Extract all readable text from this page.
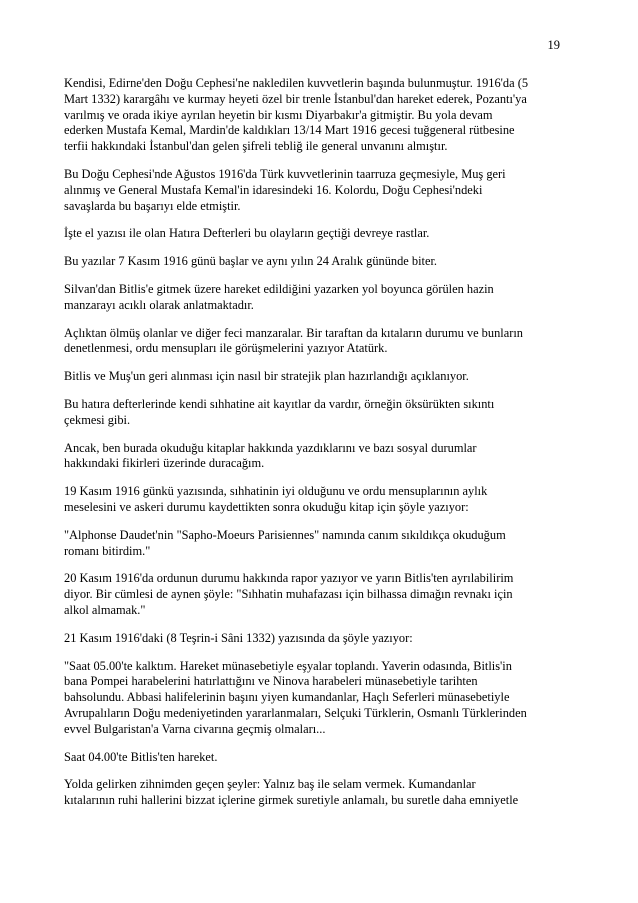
19

Kendisi, Edirne'den Doğu Cephesi'ne nakledilen kuvvetlerin başında bulunmuştur. 1916'da (5
Mart 1332) karargâhı ve kurmay heyeti özel bir trenle İstanbul'dan hareket ederek, Pozantı'ya
varılmış ve orada ikiye ayrılan heyetin bir kısmı Diyarbakır'a gitmiştir. Bu yola devam
ederken Mustafa Kemal, Mardin'de kaldıkları 13/14 Mart 1916 gecesi tuğgeneral rütbesine
terfii hakkındaki İstanbul'dan gelen şifreli tebliğ ile general unvanını almıştır.

Bu Doğu Cephesi'nde Ağustos 1916'da Türk kuvvetlerinin taarruza geçmesiyle, Muş geri
alınmış ve General Mustafa Kemal'in idaresindeki 16. Kolordu, Doğu Cephesi'ndeki
savaşlarda bu başarıyı elde etmiştir.

İşte el yazısı ile olan Hatıra Defterleri bu olayların geçtiği devreye rastlar.

Bu yazılar 7 Kasım 1916 günü başlar ve aynı yılın 24 Aralık gününde biter.

Silvan'dan Bitlis'e gitmek üzere hareket edildiğini yazarken yol boyunca görülen hazin
manzarayı acıklı olarak anlatmaktadır.

Açlıktan ölmüş olanlar ve diğer feci manzaralar. Bir taraftan da kıtaların durumu ve bunların
denetlenmesi, ordu mensupları ile görüşmelerini yazıyor Atatürk.

Bitlis ve Muş'un geri alınması için nasıl bir stratejik plan hazırlandığı açıklanıyor.

Bu hatıra defterlerinde kendi sıhhatine ait kayıtlar da vardır, örneğin öksürükten sıkıntı
çekmesi gibi.

Ancak, ben burada okuduğu kitaplar hakkında yazdıklarını ve bazı sosyal durumlar
hakkındaki fikirleri üzerinde duracağım.

19 Kasım 1916 günkü yazısında, sıhhatinin iyi olduğunu ve ordu mensuplarının aylık
meselesini ve askeri durumu kaydettikten sonra okuduğu kitap için şöyle yazıyor:

"Alphonse Daudet'nin "Sapho-Moeurs Parisiennes" namında canım sıkıldıkça okuduğum
romanı bitirdim."

20 Kasım 1916'da ordunun durumu hakkında rapor yazıyor ve yarın Bitlis'ten ayrılabilirim
diyor. Bir cümlesi de aynen şöyle: "Sıhhatin muhafazası için bilhassa dimağın revnakı için
alkol almamak."

21 Kasım 1916'daki (8 Teşrin-i Sâni 1332) yazısında da şöyle yazıyor:

"Saat 05.00'te kalktım. Hareket münasebetiyle eşyalar toplandı. Yaverin odasında, Bitlis'in
bana Pompei harabelerini hatırlattığını ve Ninova harabeleri münasebetiyle tarihten
bahsolundu. Abbasi halifelerinin başını yiyen kumandanlar, Haçlı Seferleri münasebetiyle
Avrupalıların Doğu medeniyetinden yararlanmaları, Selçuki Türklerin, Osmanlı Türklerinden
evvel Bulgaristan'a Varna civarına geçmiş olmaları...

Saat 04.00'te Bitlis'ten hareket.

Yolda gelirken zihnimden geçen şeyler: Yalnız baş ile selam vermek. Kumandanlar
kıtalarının ruhi hallerini bizzat içlerine girmek suretiyle anlamalı, bu suretle daha emniyetle
